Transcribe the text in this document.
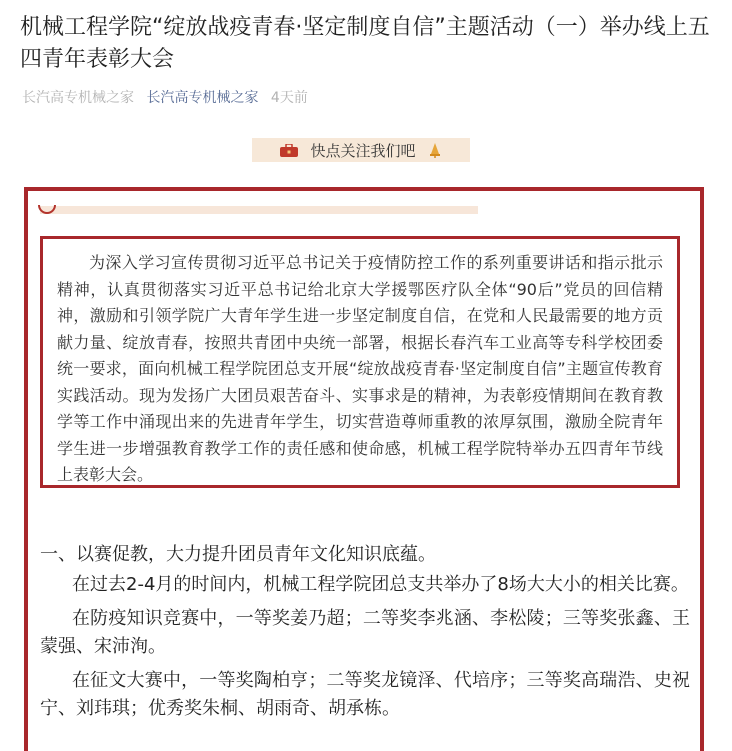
机械工程学院“绽放战疫青春·坚定制度自信”主题活动（一）举办线上五四青年表彰大会
长汽高专机械之家 长汽高专机械之家 4天前
快点关注我们吧

为深入学习宣传贯彻习近平总书记关于疫情防控工作的系列重要讲话和指示批示精神，认真贯彻落实习近平总书记给北京大学援鄂医疗队全体“90后”党员的回信精神，激励和引领学院广大青年学生进一步坚定制度自信，在党和人民最需要的地方贡献力量、绽放青春，按照共青团中央统一部署，根据长春汽车工业高等专科学校团委统一要求，面向机械工程学院团总支开展“绽放战疫青春·坚定制度自信”主题宣传教育实践活动。现为发扬广大团员艰苦奋斗、实事求是的精神，为表彰疫情期间在教育教学等工作中涌现出来的先进青年学生，切实营造尊师重教的浓厚氛围，激励全院青年学生进一步增强教育教学工作的责任感和使命感，机械工程学院特举办五四青年节线上表彰大会。

一、以赛促教，大力提升团员青年文化知识底蕴。

在过去2-4月的时间内，机械工程学院团总支共举办了8场大大小的相关比赛。

在防疫知识竞赛中，一等奖姜乃超；二等奖李兆涵、李松陵；三等奖张鑫、王蒙强、宋沛洵。

在征文大赛中，一等奖陶柏亨；二等奖龙镜泽、代培序；三等奖高瑞浩、史祝宁、刘玮琪；优秀奖朱桐、胡雨奇、胡承栋。
